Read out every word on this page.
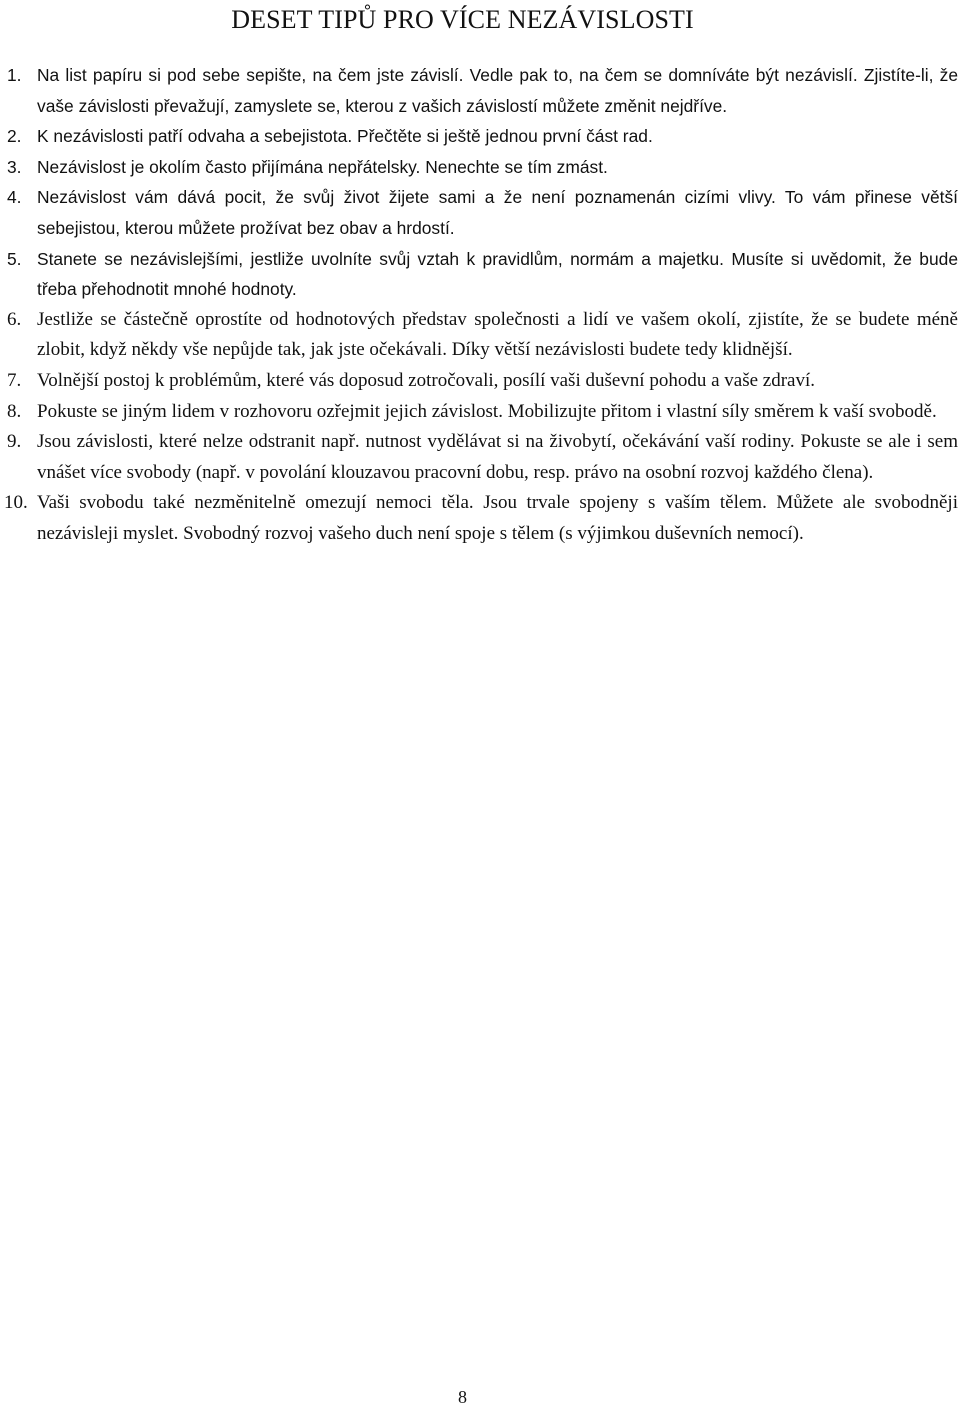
DESET TIPŮ PRO VÍCE NEZÁVISLOSTI
1. Na list papíru si pod sebe sepište, na čem jste závislí. Vedle pak to, na čem se domníváte být nezávislí. Zjistíte-li, že vaše závislosti převažují, zamyslete se, kterou z vašich závislostí můžete změnit nejdříve.
2. K nezávislosti patří odvaha a sebejistota. Přečtěte si ještě jednou první část rad.
3. Nezávislost je okolím často přijímána nepřátelsky. Nenechte se tím zmást.
4. Nezávislost vám dává pocit, že svůj život žijete sami a že není poznamenán cizími vlivy. To vám přinese větší sebejistou, kterou můžete prožívat bez obav a hrdostí.
5. Stanete se nezávislejšími, jestliže uvolníte svůj vztah k pravidlům, normám a majetku. Musíte si uvědomit, že bude třeba přehodnotit mnohé hodnoty.
6. Jestliže se částečně oprostíte od hodnotových představ společnosti a lidí ve vašem okolí, zjistíte, že se budete méně zlobit, když někdy vše nepůjde tak, jak jste očekávali. Díky větší nezávislosti budete tedy klidnější.
7. Volnější postoj k problémům, které vás doposud zotročovali, posílí vaši duševní pohodu a vaše zdraví.
8. Pokuste se jiným lidem v rozhovoru ozřejmit jejich závislost. Mobilizujte přitom i vlastní síly směrem k vaší svobodě.
9. Jsou závislosti, které nelze odstranit např. nutnost vydělávat si na živobytí, očekávání vaší rodiny. Pokuste se ale i sem vnášet více svobody (např. v povolání klouzavou pracovní dobu, resp. právo na osobní rozvoj každého člena).
10. Vaši svobodu také nezměnitelně omezují nemoci těla. Jsou trvale spojeny s vaším tělem. Můžete ale svobodněji nezávisleji myslet. Svobodný rozvoj vašeho duch není spoje s tělem (s výjimkou duševních nemocí).
8
